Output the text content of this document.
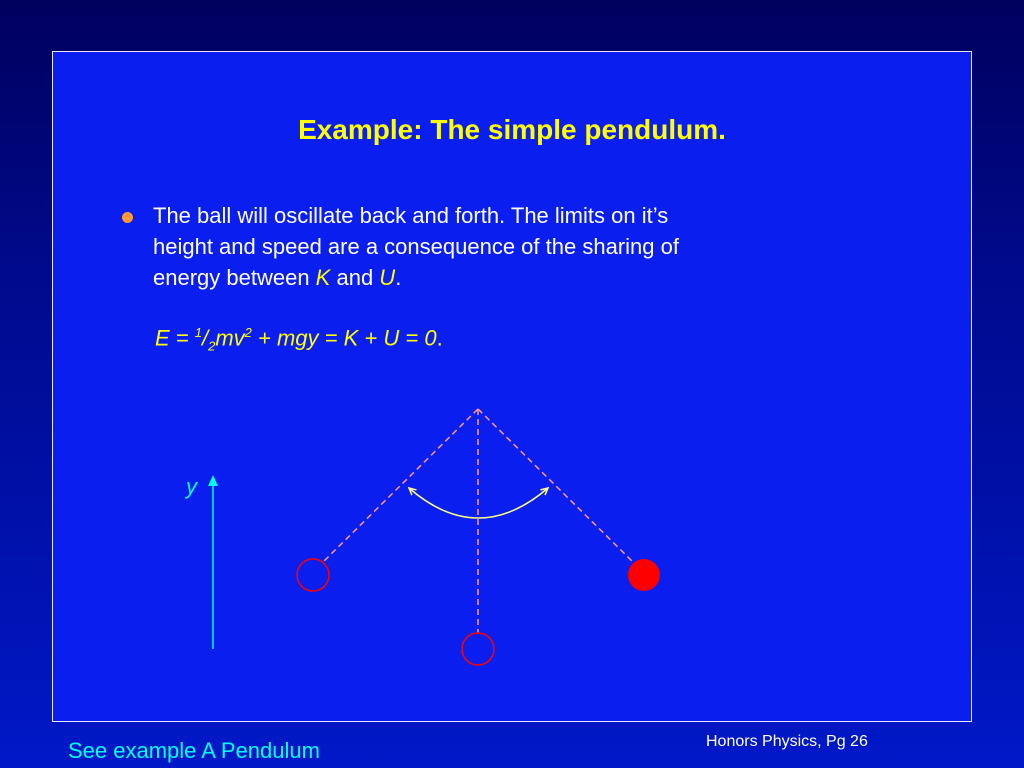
Example: The simple pendulum.
The ball will oscillate back and forth. The limits on it’s
height and speed are a consequence of the sharing of
energy between K and U.
$E = ^1/_2mv^2$ + mgy = K + U = 0.
y
See example A Pendulum	Honors Physics, Pg 26
